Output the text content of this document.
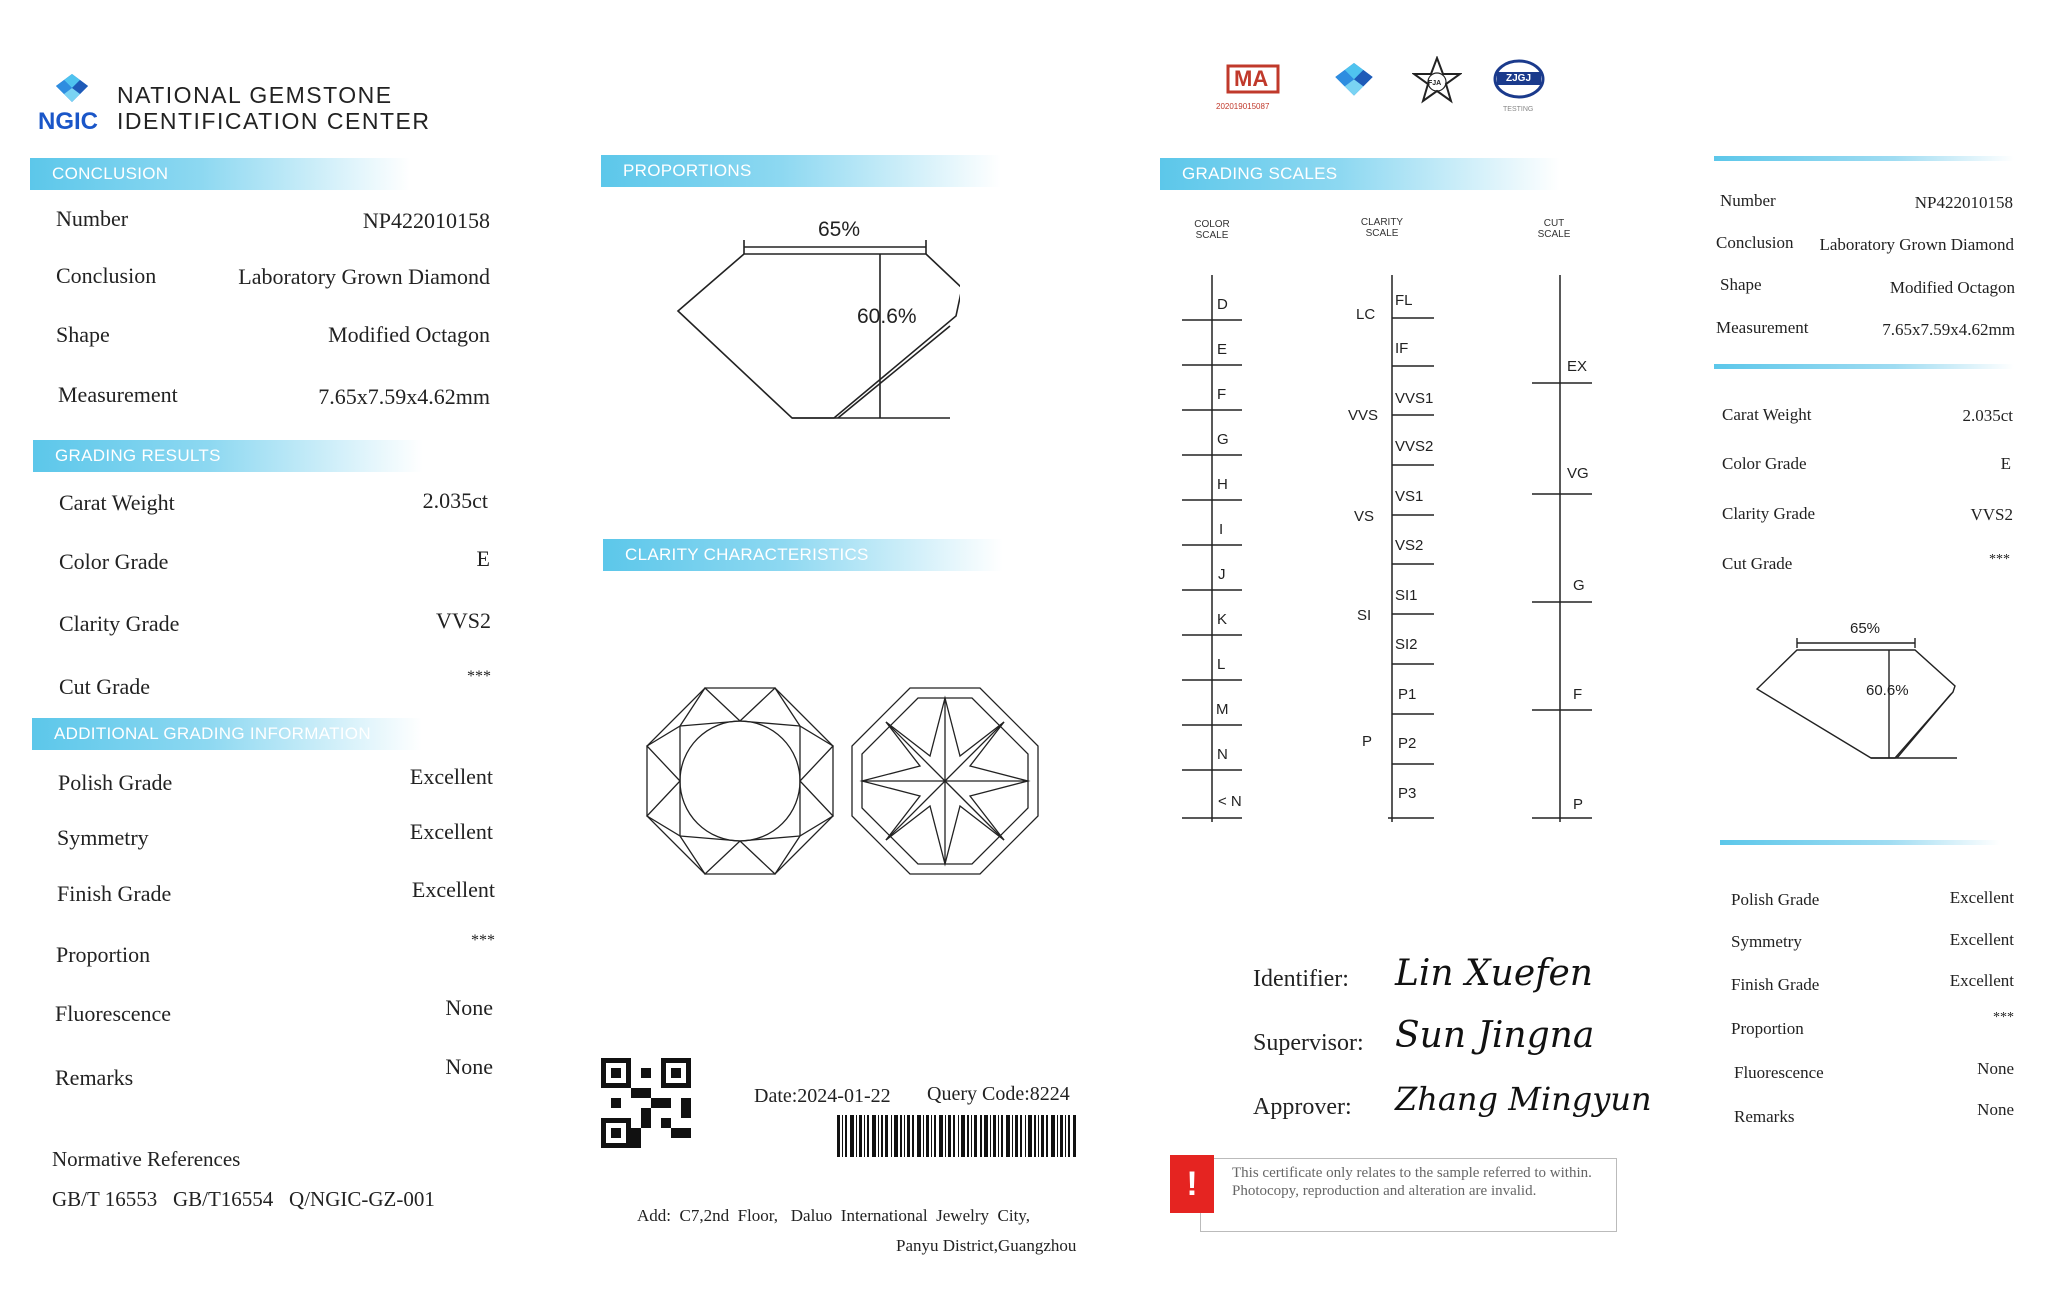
NGIC
NATIONAL GEMSTONE
IDENTIFICATION CENTER
CONCLUSION
Number	NP422010158
Conclusion	Laboratory Grown Diamond
Shape	Modified Octagon
Measurement	7.65x7.59x4.62mm
GRADING RESULTS
Carat Weight	2.035ct
Color Grade	E
Clarity Grade	VVS2
Cut Grade	***
ADDITIONAL GRADING INFORMATION
Polish Grade	Excellent
Symmetry	Excellent
Finish Grade	Excellent
Proportion
***
Fluorescence	None
Remarks	None
Normative References
GB/T 16553   GB/T16554   Q/NGIC-GZ-001
PROPORTIONS
65%
60.6%
CLARITY CHARACTERISTICS
Date:2024-01-22 Query Code:8224
Add:  C7,2nd  Floor,   Daluo  International  Jewelry  City,
Panyu District,Guangzhou
MA
202019015087
FJA	ZJGJ
TESTING
GRADING SCALES
COLOR
SCALE
CLARITY
SCALE
CUT
SCALE
D
E
F
G
H
I
J
K
L
M
N
< N
LC
VVS
VS
SI
P
FL
IF
VVS1
VVS2
VS1
VS2
SI1
SI2
P1
P2
P3
EX
VG
G
F
P
Identifier: Lin Xuefen
Supervisor: Sun Jingna
Approver: Zhang Mingyun
!	This certificate only relates to the sample referred to within. Photocopy, reproduction and alteration are invalid.
Number	NP422010158
Conclusion Laboratory Grown Diamond
Shape	Modified Octagon
Measurement	7.65x7.59x4.62mm
Carat Weight	2.035ct
Color Grade	E
Clarity Grade	VVS2
Cut Grade	***
65%
60.6%
Polish Grade	Excellent
Symmetry	Excellent
Finish Grade	Excellent
Proportion
***
Fluorescence	None
Remarks	None
